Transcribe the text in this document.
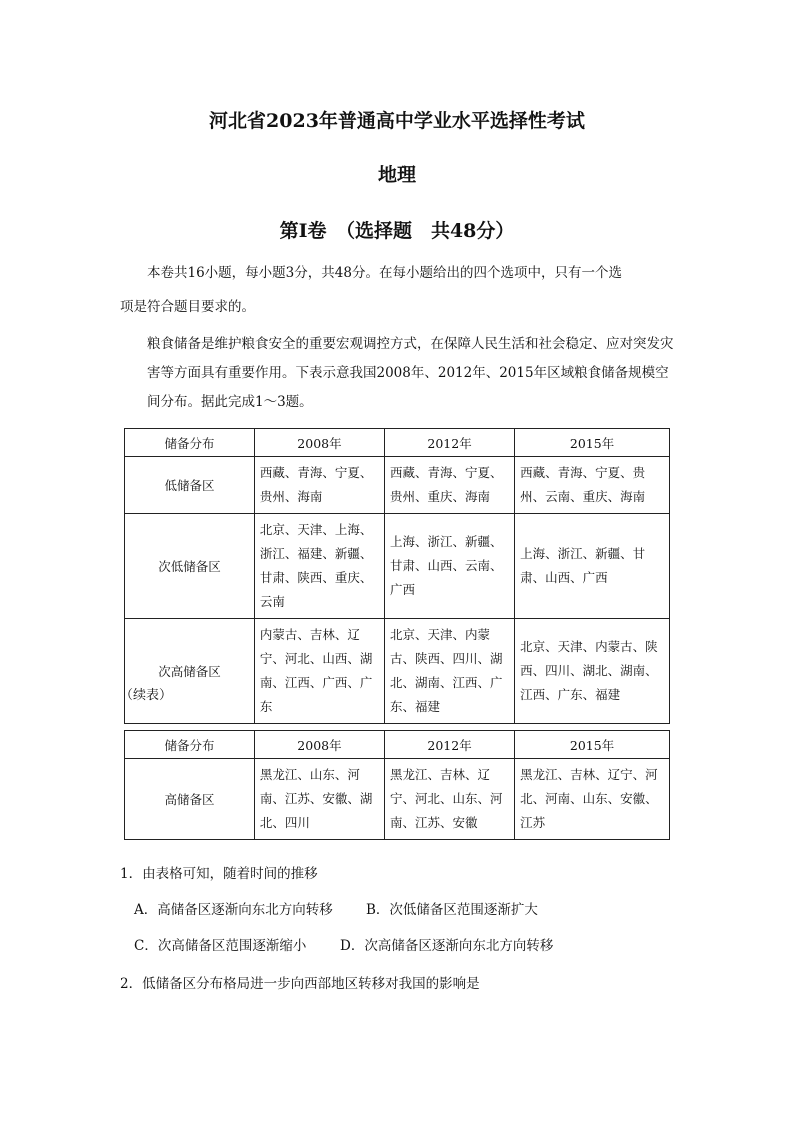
河北省2023年普通高中学业水平选择性考试
地理
第Ⅰ卷　（选择题　共48分）
本卷共16小题，每小题3分，共48分。在每小题给出的四个选项中，只有一个选
项是符合题目要求的。
粮食储备是维护粮食安全的重要宏观调控方式，在保障人民生活和社会稳定、应对突发灾害等方面具有重要作用。下表示意我国2008年、2012年、2015年区域粮食储备规模空间分布。据此完成1～3题。
储备分布	2008年	2012年	2015年
低储备区	西藏、青海、宁夏、贵州、海南	西藏、青海、宁夏、贵州、重庆、海南	西藏、青海、宁夏、贵州、云南、重庆、海南
次低储备区	北京、天津、上海、浙江、福建、新疆、甘肃、陕西、重庆、云南	上海、浙江、新疆、甘肃、山西、云南、广西	上海、浙江、新疆、甘肃、山西、广西
次高储备区	内蒙古、吉林、辽宁、河北、山西、湖南、江西、广西、广东	北京、天津、内蒙古、陕西、四川、湖北、湖南、江西、广东、福建	北京、天津、内蒙古、陕西、四川、湖北、湖南、江西、广东、福建
（续表）
储备分布	2008年	2012年	2015年
高储备区	黑龙江、山东、河南、江苏、安徽、湖北、四川	黑龙江、吉林、辽宁、河北、山东、河南、江苏、安徽	黑龙江、吉林、辽宁、河北、河南、山东、安徽、江苏
1．由表格可知，随着时间的推移
A．高储备区逐渐向东北方向转移 B．次低储备区范围逐渐扩大
C．次高储备区范围逐渐缩小 D．次高储备区逐渐向东北方向转移
2．低储备区分布格局进一步向西部地区转移对我国的影响是
